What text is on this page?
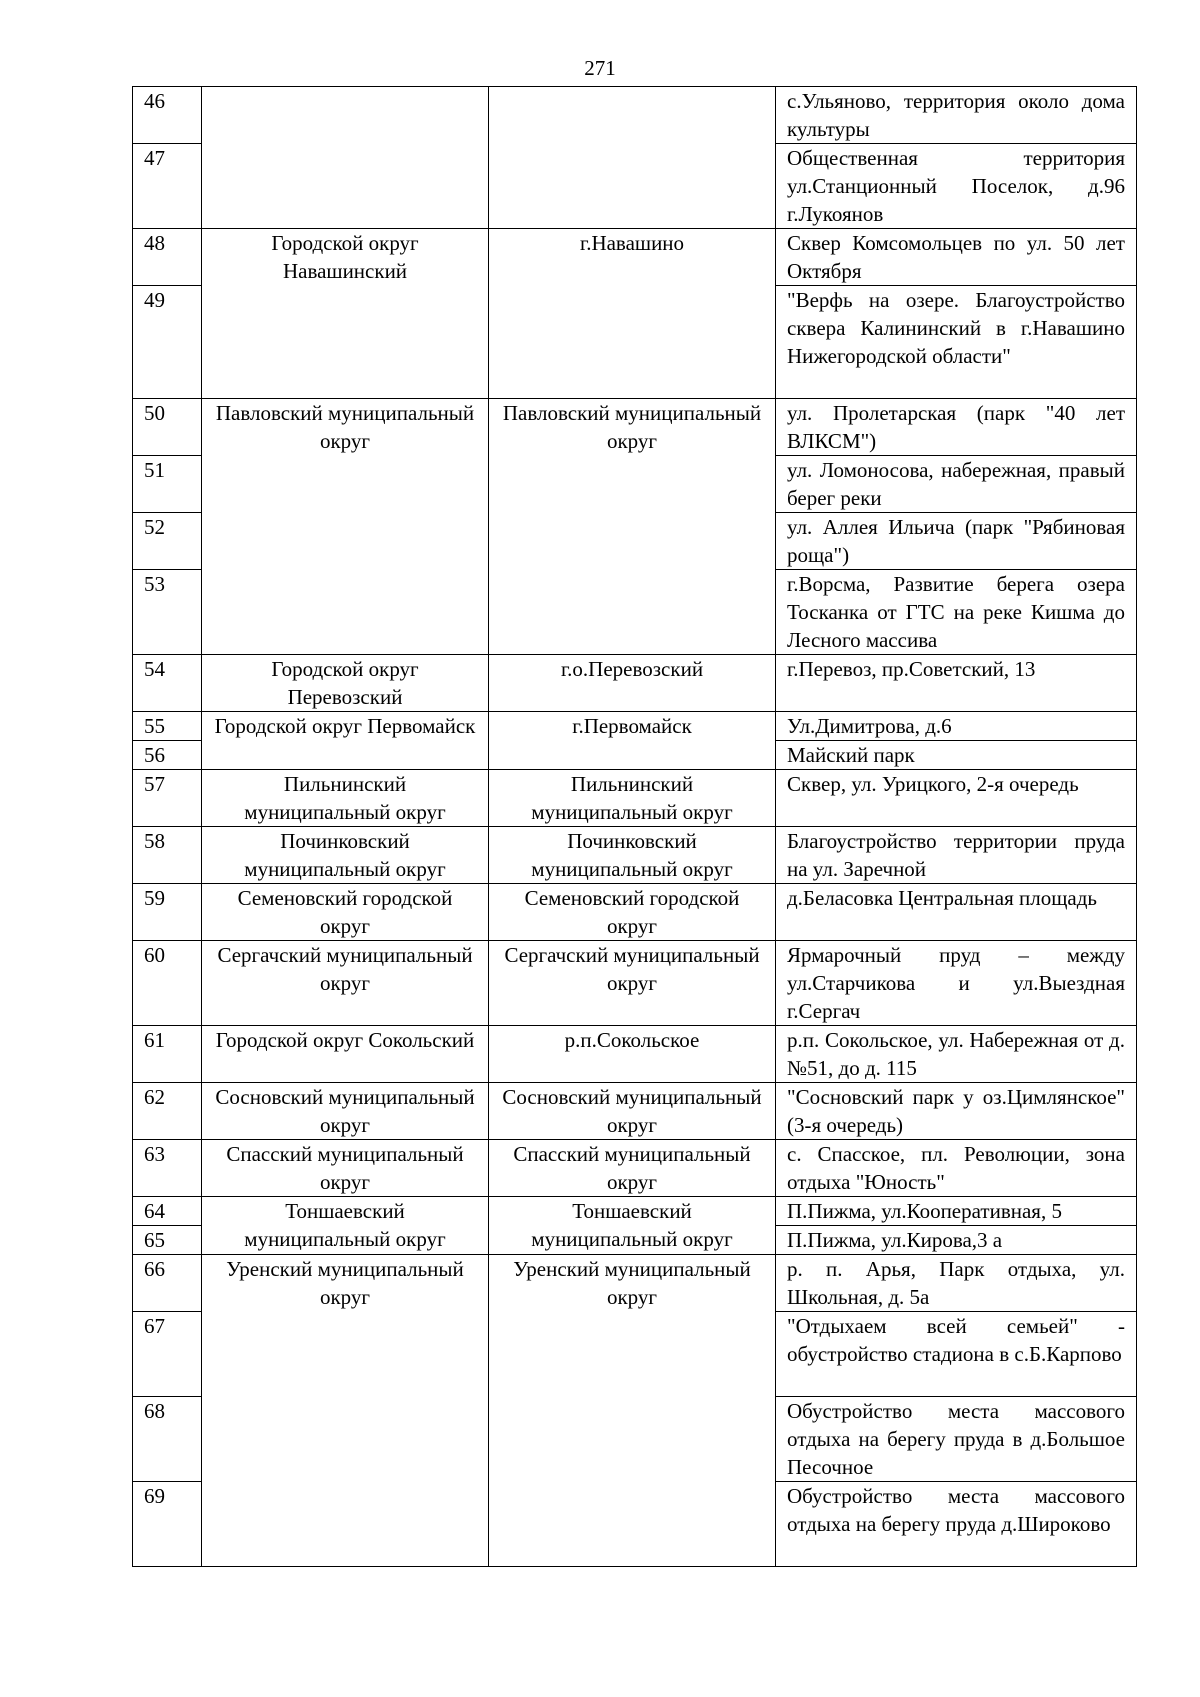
271
46			с.Ульяново, территория около дома культуры
47			Общественная территория ул.Станционный Поселок, д.96 г.Лукоянов
48	Городской округ Навашинский	г.Навашино	Сквер Комсомольцев по ул. 50 лет Октября
49			"Верфь на озере. Благоустройство сквера Калининский в г.Навашино Нижегородской области"
50	Павловский муниципальный округ	Павловский муниципальный округ	ул. Пролетарская (парк "40 лет ВЛКСМ")
51			ул. Ломоносова, набережная, правый берег реки
52			ул. Аллея Ильича (парк "Рябиновая роща")
53			г.Ворсма, Развитие берега озера Тосканка от ГТС на реке Кишма до Лесного массива
54	Городской округ Перевозский	г.о.Перевозский	г.Перевоз, пр.Советский, 13
55	Городской округ Первомайск	г.Первомайск	Ул.Димитрова, д.6
56			Майский парк
57	Пильнинский муниципальный округ	Пильнинский муниципальный округ	Сквер, ул. Урицкого, 2-я очередь
58	Починковский муниципальный округ	Починковский муниципальный округ	Благоустройство территории пруда на ул. Заречной
59	Семеновский городской округ	Семеновский городской округ	д.Беласовка Центральная площадь
60	Сергачский муниципальный округ	Сергачский муниципальный округ	Ярмарочный пруд – между ул.Старчикова и ул.Выездная г.Сергач
61	Городской округ Сокольский	р.п.Сокольское	р.п. Сокольское, ул. Набережная от д.№51, до д. 115
62	Сосновский муниципальный округ	Сосновский муниципальный округ	"Сосновский парк у оз.Цимлянское" (3-я очередь)
63	Спасский муниципальный округ	Спасский муниципальный округ	с. Спасское, пл. Революции, зона отдыха "Юность"
64	Тоншаевский муниципальный округ	Тоншаевский муниципальный округ	П.Пижма, ул.Кооперативная, 5
65			П.Пижма, ул.Кирова,3 а
66	Уренский муниципальный округ	Уренский муниципальный округ	р. п. Арья, Парк отдыха, ул. Школьная, д. 5а
67			"Отдыхаем всей семьей" - обустройство стадиона в с.Б.Карпово
68			Обустройство места массового отдыха на берегу пруда в д.Большое Песочное
69			Обустройство места массового отдыха на берегу пруда д.Широково
